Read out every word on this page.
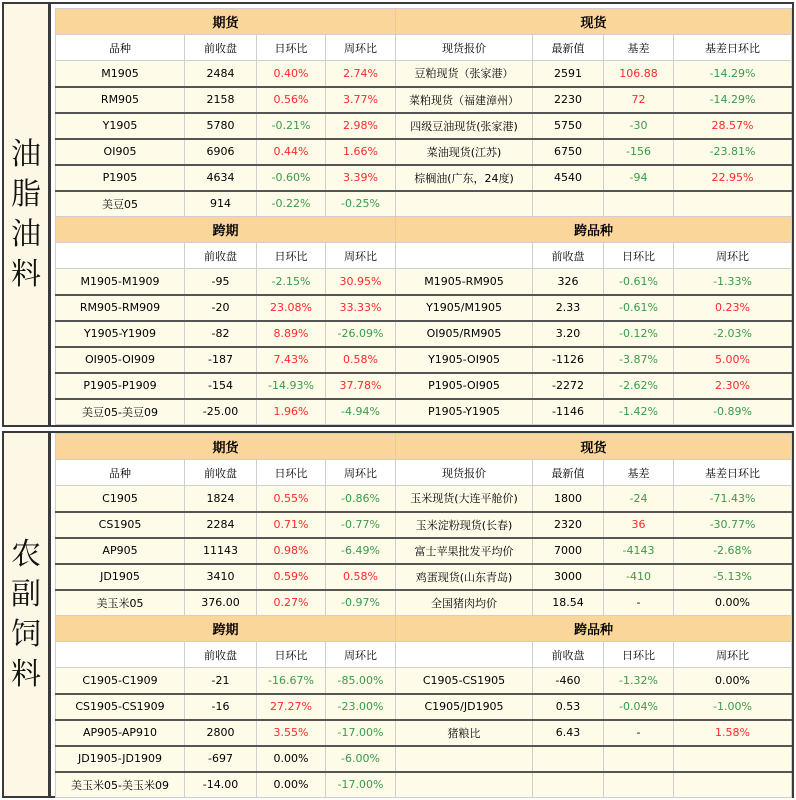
油
脂
油
料
期货				现货			
品种	前收盘	日环比	周环比	现货报价	最新值	基差	基差日环比
M1905	2484	0.40%	2.74%	豆粕现货（张家港）	2591	106.88	-14.29%
RM905	2158	0.56%	3.77%	菜粕现货（福建漳州）	2230	72	-14.29%
Y1905	5780	-0.21%	2.98%	四级豆油现货(张家港)	5750	-30	28.57%
OI905	6906	0.44%	1.66%	菜油现货(江苏)	6750	-156	-23.81%
P1905	4634	-0.60%	3.39%	棕榈油(广东，24度)	4540	-94	22.95%
美豆05	914	-0.22%	-0.25%				
跨期				跨品种			
	前收盘	日环比	周环比		前收盘	日环比	周环比
M1905-M1909	-95	-2.15%	30.95%	M1905-RM905	326	-0.61%	-1.33%
RM905-RM909	-20	23.08%	33.33%	Y1905/M1905	2.33	-0.61%	0.23%
Y1905-Y1909	-82	8.89%	-26.09%	OI905/RM905	3.20	-0.12%	-2.03%
OI905-OI909	-187	7.43%	0.58%	Y1905-OI905	-1126	-3.87%	5.00%
P1905-P1909	-154	-14.93%	37.78%	P1905-OI905	-2272	-2.62%	2.30%
美豆05-美豆09	-25.00	1.96%	-4.94%	P1905-Y1905	-1146	-1.42%	-0.89%
农
副
饲
料
期货				现货			
品种	前收盘	日环比	周环比	现货报价	最新值	基差	基差日环比
C1905	1824	0.55%	-0.86%	玉米现货(大连平舱价)	1800	-24	-71.43%
CS1905	2284	0.71%	-0.77%	玉米淀粉现货(长春)	2320	36	-30.77%
AP905	11143	0.98%	-6.49%	富士苹果批发平均价	7000	-4143	-2.68%
JD1905	3410	0.59%	0.58%	鸡蛋现货(山东青岛)	3000	-410	-5.13%
美玉米05	376.00	0.27%	-0.97%	全国猪肉均价	18.54	-	0.00%
跨期				跨品种			
	前收盘	日环比	周环比		前收盘	日环比	周环比
C1905-C1909	-21	-16.67%	-85.00%	C1905-CS1905	-460	-1.32%	0.00%
CS1905-CS1909	-16	27.27%	-23.00%	C1905/JD1905	0.53	-0.04%	-1.00%
AP905-AP910	2800	3.55%	-17.00%	猪粮比	6.43	-	1.58%
JD1905-JD1909	-697	0.00%	-6.00%				
美玉米05-美玉米09	-14.00	0.00%	-17.00%				
